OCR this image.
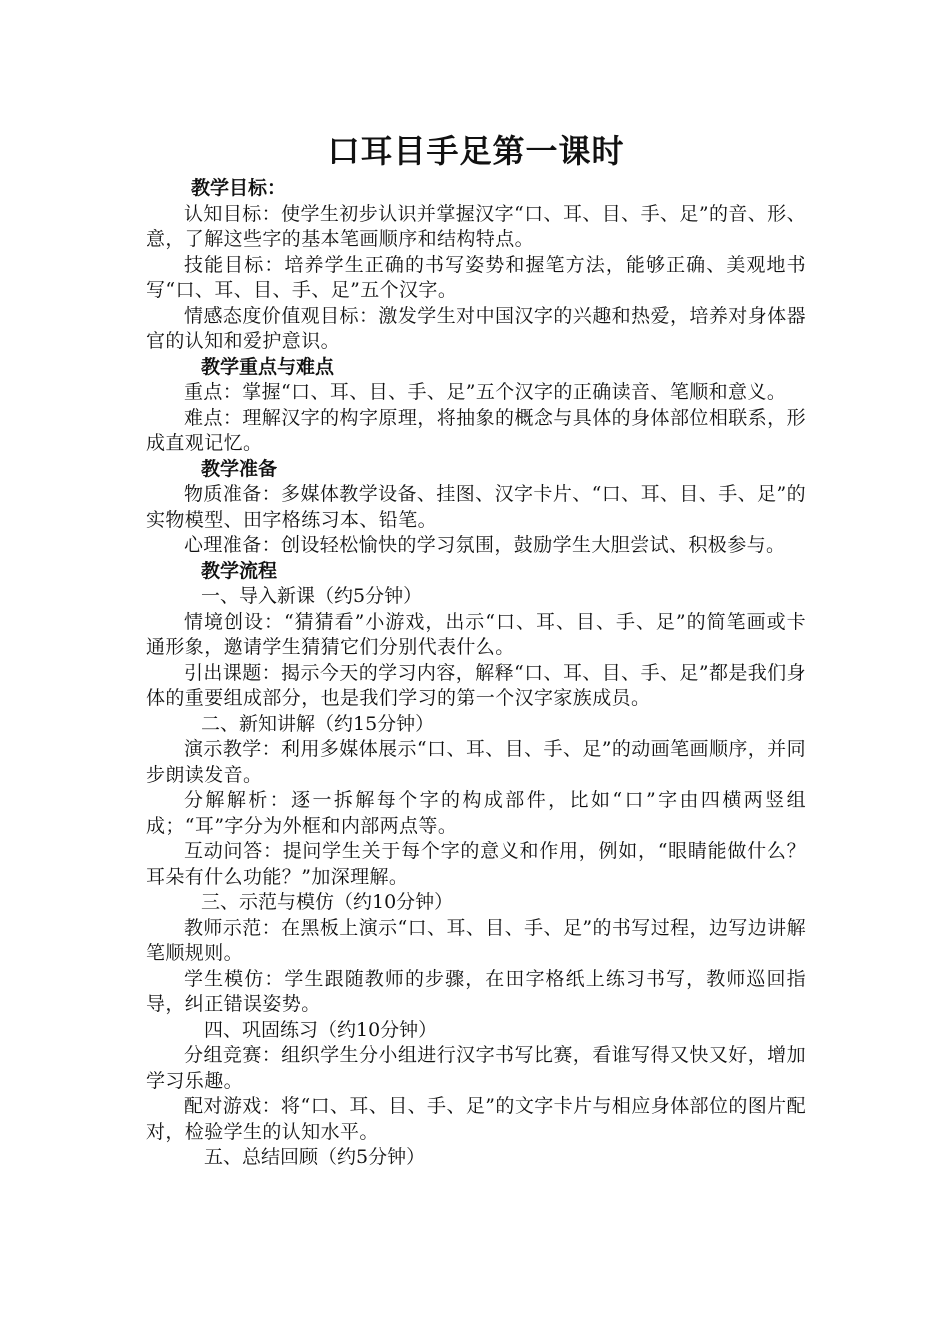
口耳目手足第一课时

教学目标：

认知目标：使学生初步认识并掌握汉字“口、耳、目、手、足”的音、形、意，了解这些字的基本笔画顺序和结构特点。

技能目标：培养学生正确的书写姿势和握笔方法，能够正确、美观地书写“口、耳、目、手、足”五个汉字。

情感态度价值观目标：激发学生对中国汉字的兴趣和热爱，培养对身体器官的认知和爱护意识。

教学重点与难点

重点：掌握“口、耳、目、手、足”五个汉字的正确读音、笔顺和意义。

难点：理解汉字的构字原理，将抽象的概念与具体的身体部位相联系，形成直观记忆。

教学准备

物质准备：多媒体教学设备、挂图、汉字卡片、“口、耳、目、手、足”的实物模型、田字格练习本、铅笔。

心理准备：创设轻松愉快的学习氛围，鼓励学生大胆尝试、积极参与。

教学流程

一、导入新课（约5分钟）

情境创设：“猜猜看”小游戏，出示“口、耳、目、手、足”的简笔画或卡通形象，邀请学生猜猜它们分别代表什么。

引出课题：揭示今天的学习内容，解释“口、耳、目、手、足”都是我们身体的重要组成部分，也是我们学习的第一个汉字家族成员。

二、新知讲解（约15分钟）

演示教学：利用多媒体展示“口、耳、目、手、足”的动画笔画顺序，并同步朗读发音。

分解解析：逐一拆解每个字的构成部件，比如“口”字由四横两竖组成；“耳”字分为外框和内部两点等。

互动问答：提问学生关于每个字的意义和作用，例如，“眼睛能做什么？耳朵有什么功能？”加深理解。

三、示范与模仿（约10分钟）

教师示范：在黑板上演示“口、耳、目、手、足”的书写过程，边写边讲解笔顺规则。

学生模仿：学生跟随教师的步骤，在田字格纸上练习书写，教师巡回指导，纠正错误姿势。

四、巩固练习（约10分钟）

分组竞赛：组织学生分小组进行汉字书写比赛，看谁写得又快又好，增加学习乐趣。

配对游戏：将“口、耳、目、手、足”的文字卡片与相应身体部位的图片配对，检验学生的认知水平。

五、总结回顾（约5分钟）
